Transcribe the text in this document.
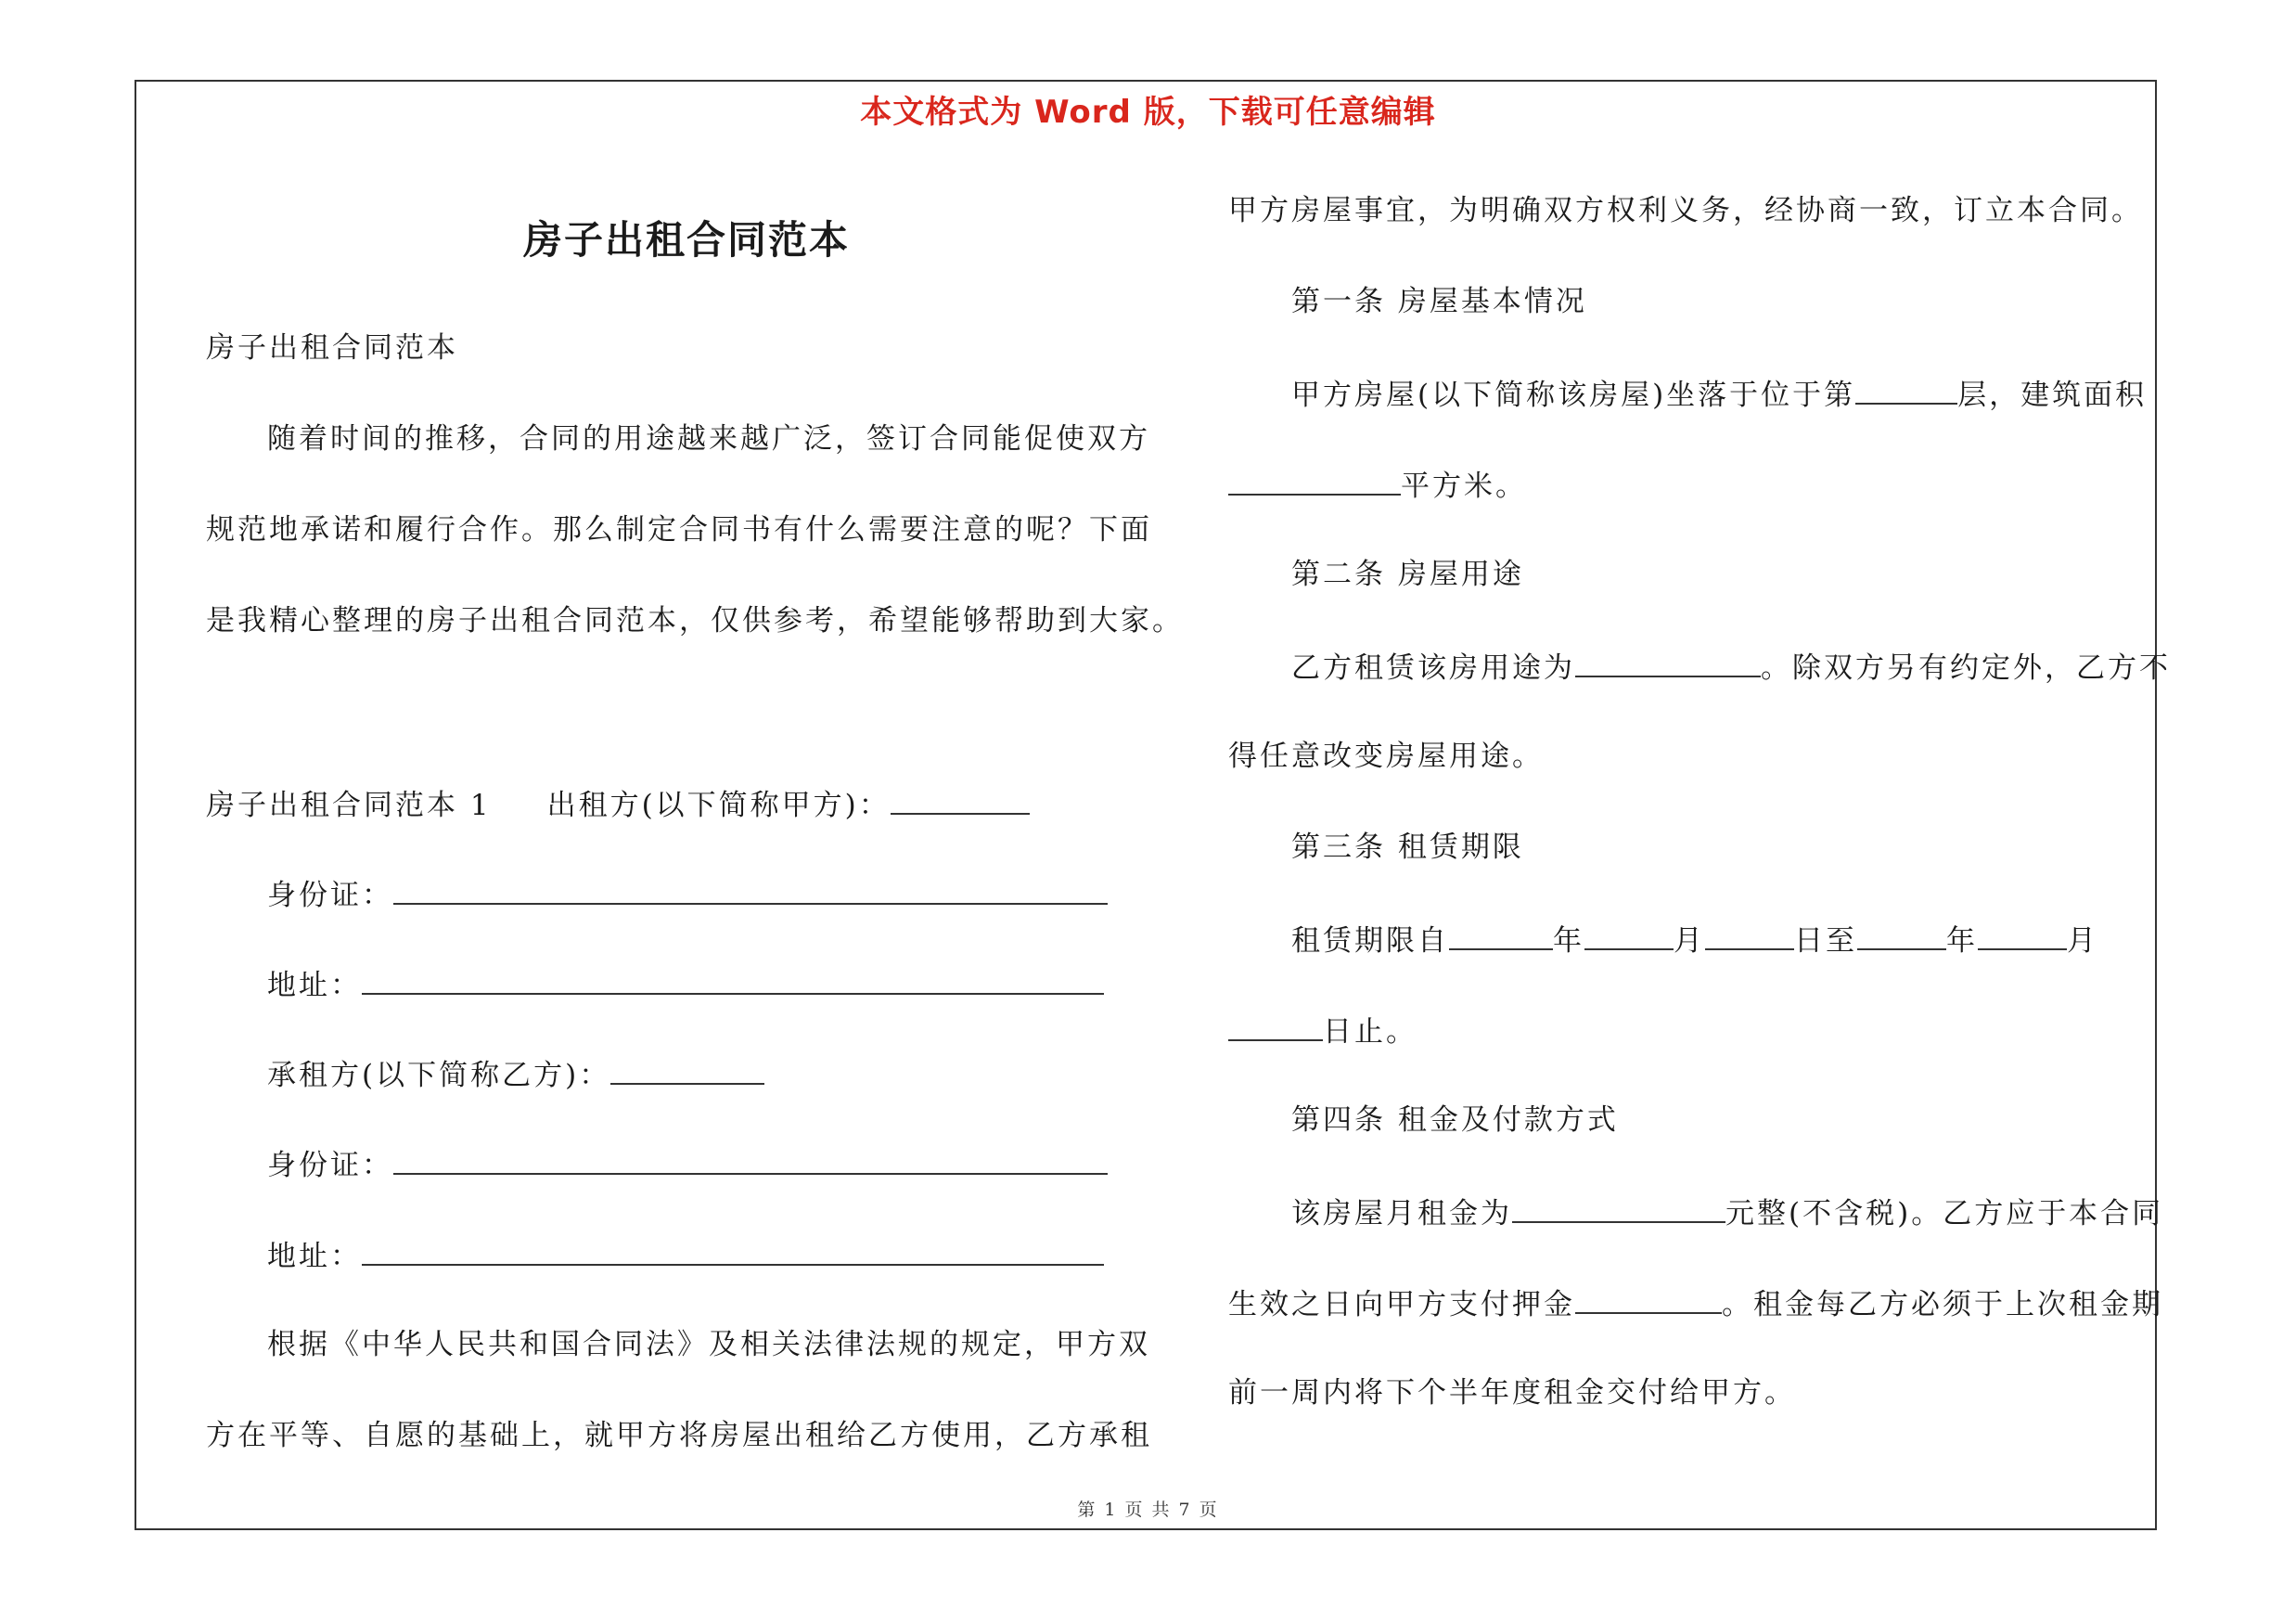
本文格式为 Word 版，下载可任意编辑
房子出租合同范本
房子出租合同范本
随着时间的推移，合同的用途越来越广泛，签订合同能促使双方
规范地承诺和履行合作。那么制定合同书有什么需要注意的呢？下面
是我精心整理的房子出租合同范本，仅供参考，希望能够帮助到大家。
房子出租合同范本 1 出租方(以下简称甲方)：
身份证：
地址：
承租方(以下简称乙方)：
身份证：
地址：
根据《中华人民共和国合同法》及相关法律法规的规定，甲方双
方在平等、自愿的基础上，就甲方将房屋出租给乙方使用，乙方承租
甲方房屋事宜，为明确双方权利义务，经协商一致，订立本合同。
第一条 房屋基本情况
甲方房屋(以下简称该房屋)坐落于位于第	层，建筑面积
平方米。
第二条 房屋用途
乙方租赁该房用途为	。除双方另有约定外，乙方不
得任意改变房屋用途。
第三条 租赁期限
租赁期限自	年	月	日至	年	月
日止。
第四条 租金及付款方式
该房屋月租金为	元整(不含税)。乙方应于本合同
生效之日向甲方支付押金	。租金每乙方必须于上次租金期
前一周内将下个半年度租金交付给甲方。
第 1 页 共 7 页
